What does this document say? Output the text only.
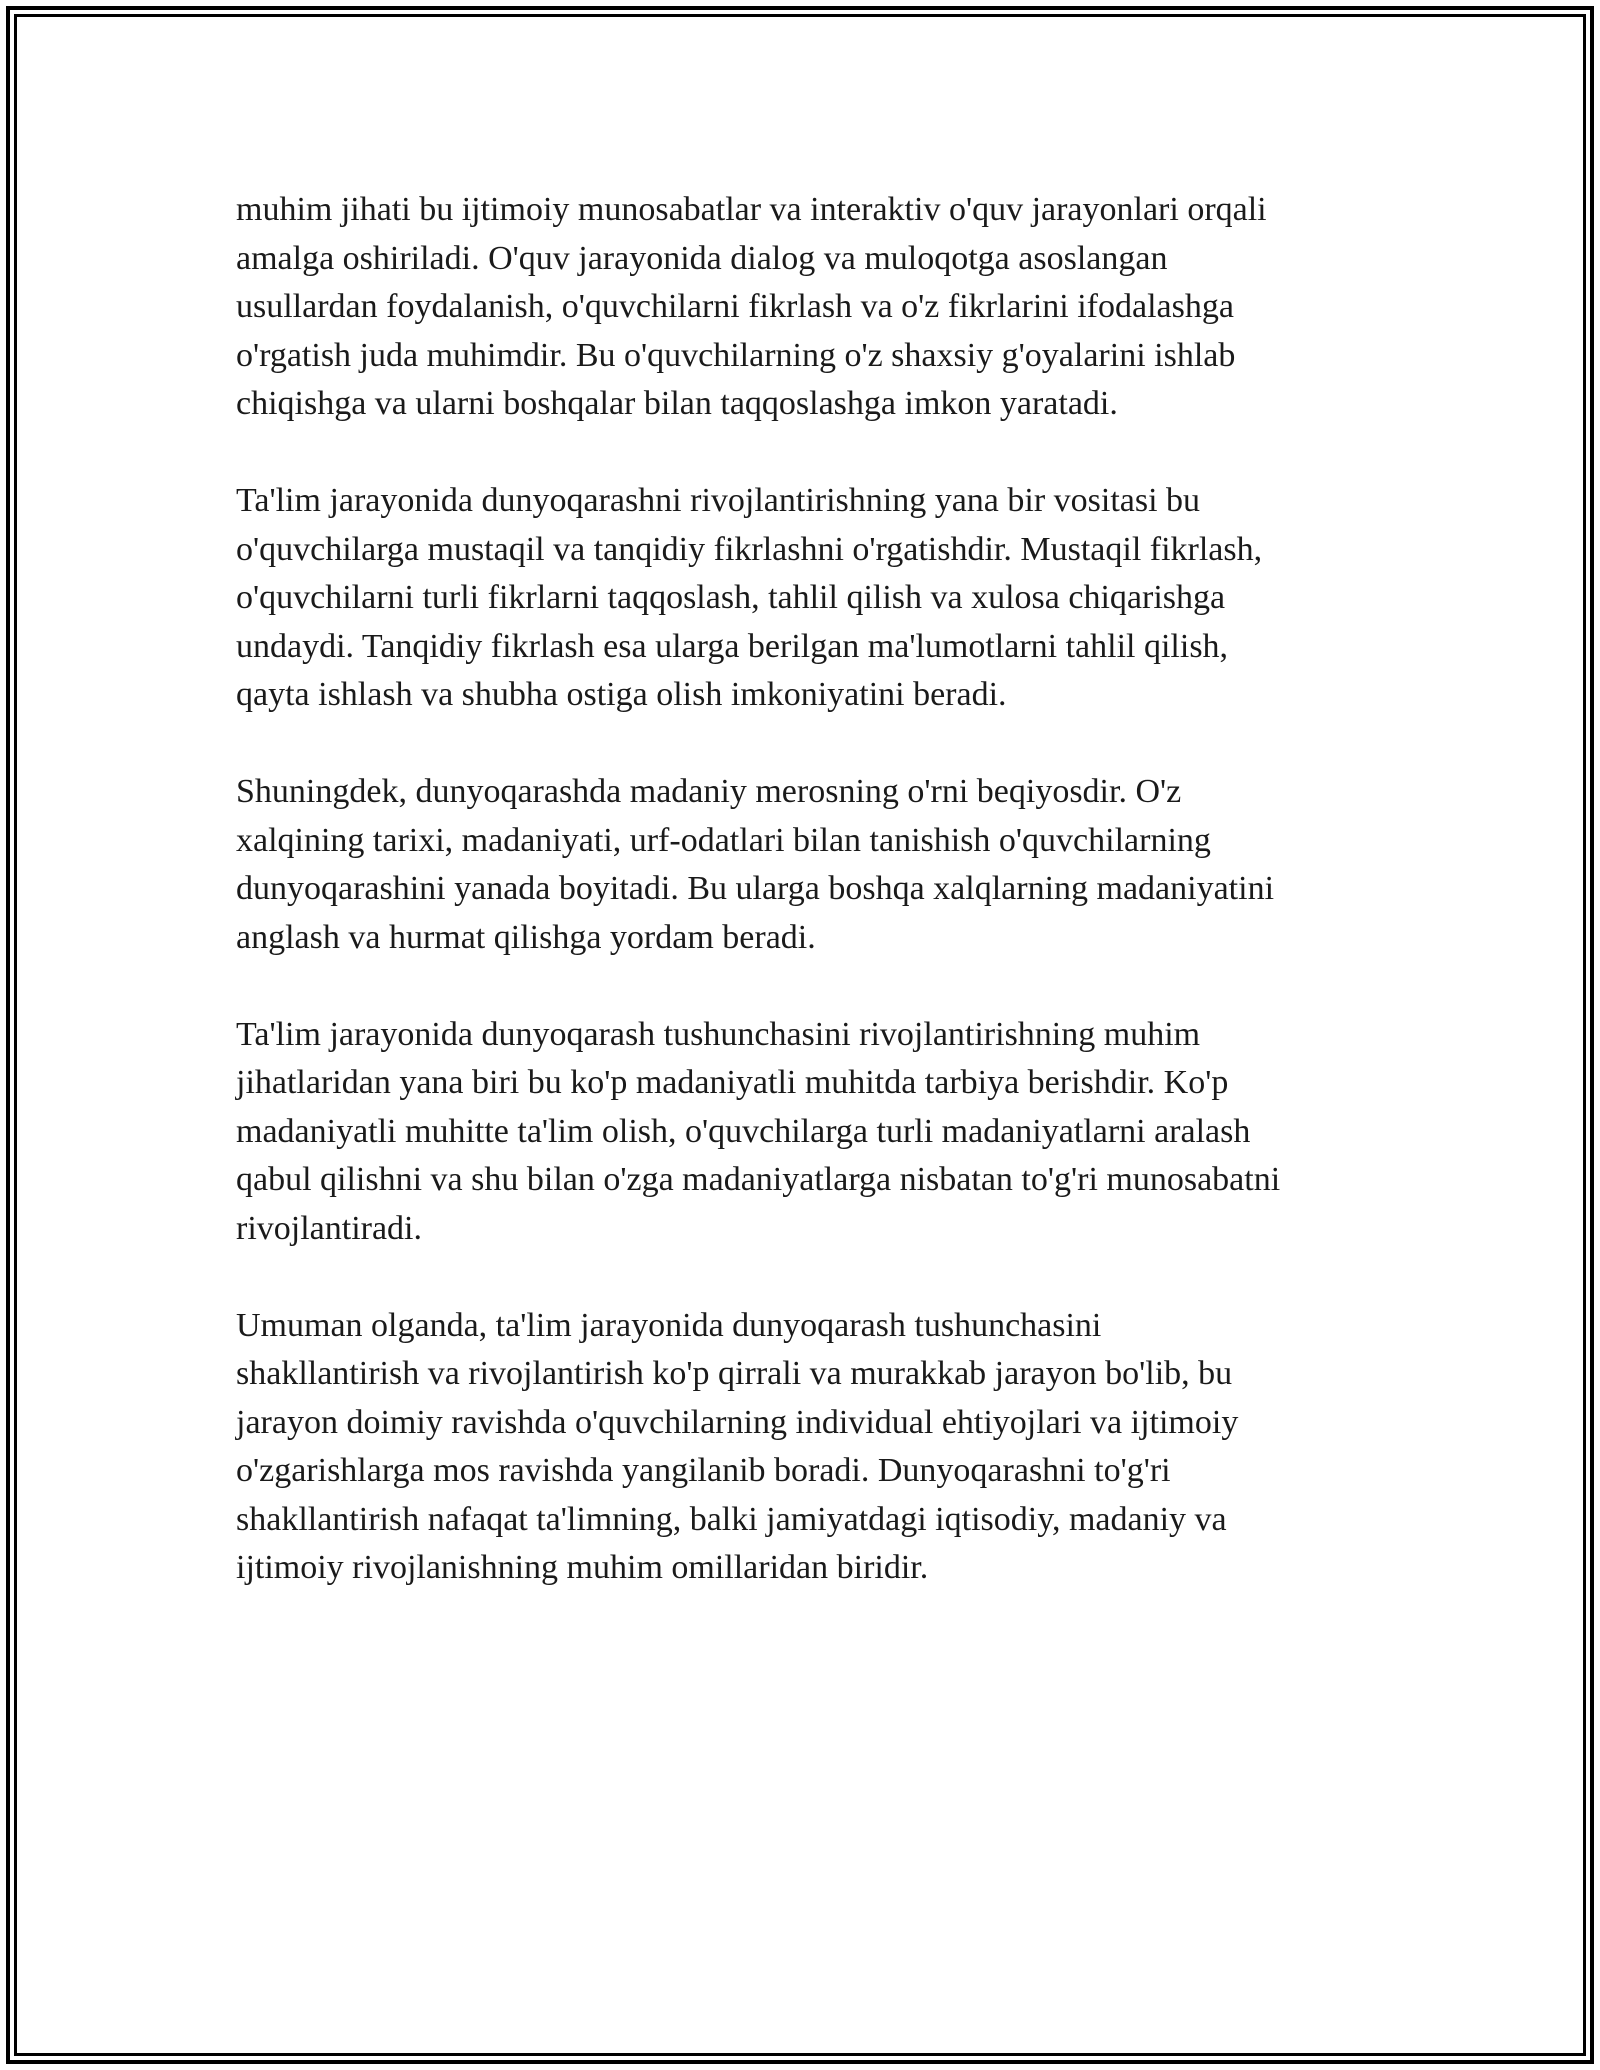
muhim jihati bu ijtimoiy munosabatlar va interaktiv o'quv jarayonlari orqali
amalga oshiriladi. O'quv jarayonida dialog va muloqotga asoslangan
usullardan foydalanish, o'quvchilarni fikrlash va o'z fikrlarini ifodalashga
o'rgatish juda muhimdir. Bu o'quvchilarning o'z shaxsiy g'oyalarini ishlab
chiqishga va ularni boshqalar bilan taqqoslashga imkon yaratadi.

Ta'lim jarayonida dunyoqarashni rivojlantirishning yana bir vositasi bu
o'quvchilarga mustaqil va tanqidiy fikrlashni o'rgatishdir. Mustaqil fikrlash,
o'quvchilarni turli fikrlarni taqqoslash, tahlil qilish va xulosa chiqarishga
undaydi. Tanqidiy fikrlash esa ularga berilgan ma'lumotlarni tahlil qilish,
qayta ishlash va shubha ostiga olish imkoniyatini beradi.

Shuningdek, dunyoqarashda madaniy merosning o'rni beqiyosdir. O'z
xalqining tarixi, madaniyati, urf-odatlari bilan tanishish o'quvchilarning
dunyoqarashini yanada boyitadi. Bu ularga boshqa xalqlarning madaniyatini
anglash va hurmat qilishga yordam beradi.

Ta'lim jarayonida dunyoqarash tushunchasini rivojlantirishning muhim
jihatlaridan yana biri bu ko'p madaniyatli muhitda tarbiya berishdir. Ko'p
madaniyatli muhitte ta'lim olish, o'quvchilarga turli madaniyatlarni aralash
qabul qilishni va shu bilan o'zga madaniyatlarga nisbatan to'g'ri munosabatni
rivojlantiradi.

Umuman olganda, ta'lim jarayonida dunyoqarash tushunchasini
shakllantirish va rivojlantirish ko'p qirrali va murakkab jarayon bo'lib, bu
jarayon doimiy ravishda o'quvchilarning individual ehtiyojlari va ijtimoiy
o'zgarishlarga mos ravishda yangilanib boradi. Dunyoqarashni to'g'ri
shakllantirish nafaqat ta'limning, balki jamiyatdagi iqtisodiy, madaniy va
ijtimoiy rivojlanishning muhim omillaridan biridir.
